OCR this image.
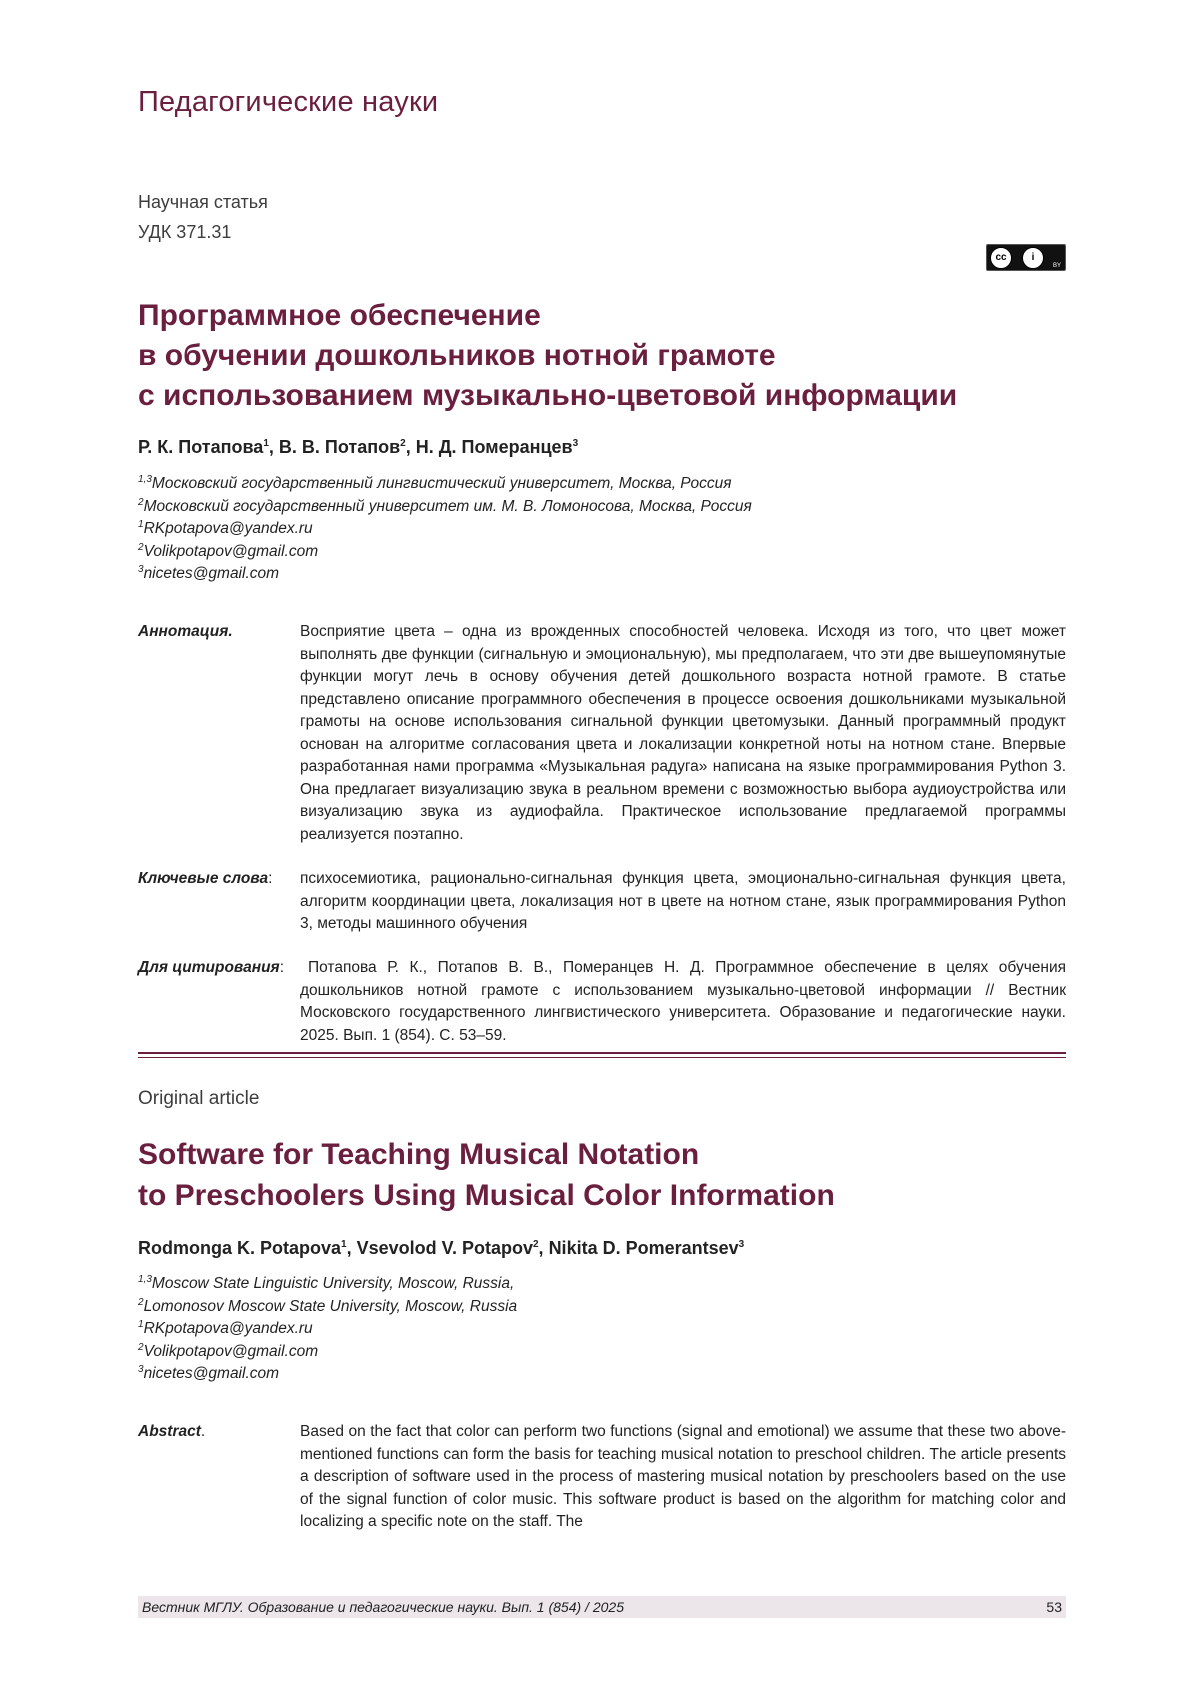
Педагогические науки
Научная статья
УДК 371.31
cc	i
BY
Программное обеспечение
в обучении дошкольников нотной грамоте
с использованием музыкально-цветовой информации
Р. К. Потапова1, В. В. Потапов2, Н. Д. Померанцев3
1,3Московский государственный лингвистический университет, Москва, Россия
2Московский государственный университет им. М. В. Ломоносова, Москва, Россия
1RKpotapova@yandex.ru
2Volikpotapov@gmail.com
3nicetes@gmail.com
Аннотация.	Восприятие цвета – одна из врожденных способностей человека. Исходя из того, что цвет может выполнять две функции (сигнальную и эмоциональную), мы предполагаем, что эти две вышеупомянутые функции могут лечь в основу обучения детей дошкольного возраста нотной грамоте. В статье представлено описание программного обеспечения в процессе освоения дошкольниками музыкальной грамоты на основе использования сигнальной функции цветомузыки. Данный программный продукт основан на алгоритме согласования цвета и локализации конкретной ноты на нотном стане. Впервые разработанная нами программа «Музыкальная радуга» написана на языке программирования Python 3. Она предлагает визуализацию звука в реальном времени с возможностью выбора аудиоустройства или визуализацию звука из аудиофайла. Практическое использование предлагаемой программы реализуется поэтапно.
Ключевые слова: психосемиотика, рационально-сигнальная функция цвета, эмоционально-сигнальная функция цвета, алгоритм координации цвета, локализация нот в цвете на нотном стане, язык программирования Python 3, методы машинного обучения
Для цитирования:	Потапова Р. К., Потапов В. В., Померанцев Н. Д. Программное обеспечение в целях обучения дошкольников нотной грамоте с использованием музыкально-цветовой информации // Вестник Московского государственного лингвистического университета. Образование и педагогические науки. 2025. Вып. 1 (854). С. 53–59.
Original article
Software for Teaching Musical Notation
to Preschoolers Using Musical Color Information
Rodmonga K. Potapova1, Vsevolod V. Potapov2, Nikita D. Pomerantsev3
1,3Moscow State Linguistic University, Moscow, Russia,
2Lomonosov Moscow State University, Moscow, Russia
1RKpotapova@yandex.ru
2Volikpotapov@gmail.com
3nicetes@gmail.com
Abstract.	Based on the fact that color can perform two functions (signal and emotional) we assume that these two above-mentioned functions can form the basis for teaching musical notation to preschool children. The article presents a description of software used in the process of mastering musical notation by preschoolers based on the use of the signal function of color music. This software product is based on the algorithm for matching color and localizing a specific note on the staff. The
Вестник МГЛУ. Образование и педагогические науки. Вып. 1 (854) / 2025	53
